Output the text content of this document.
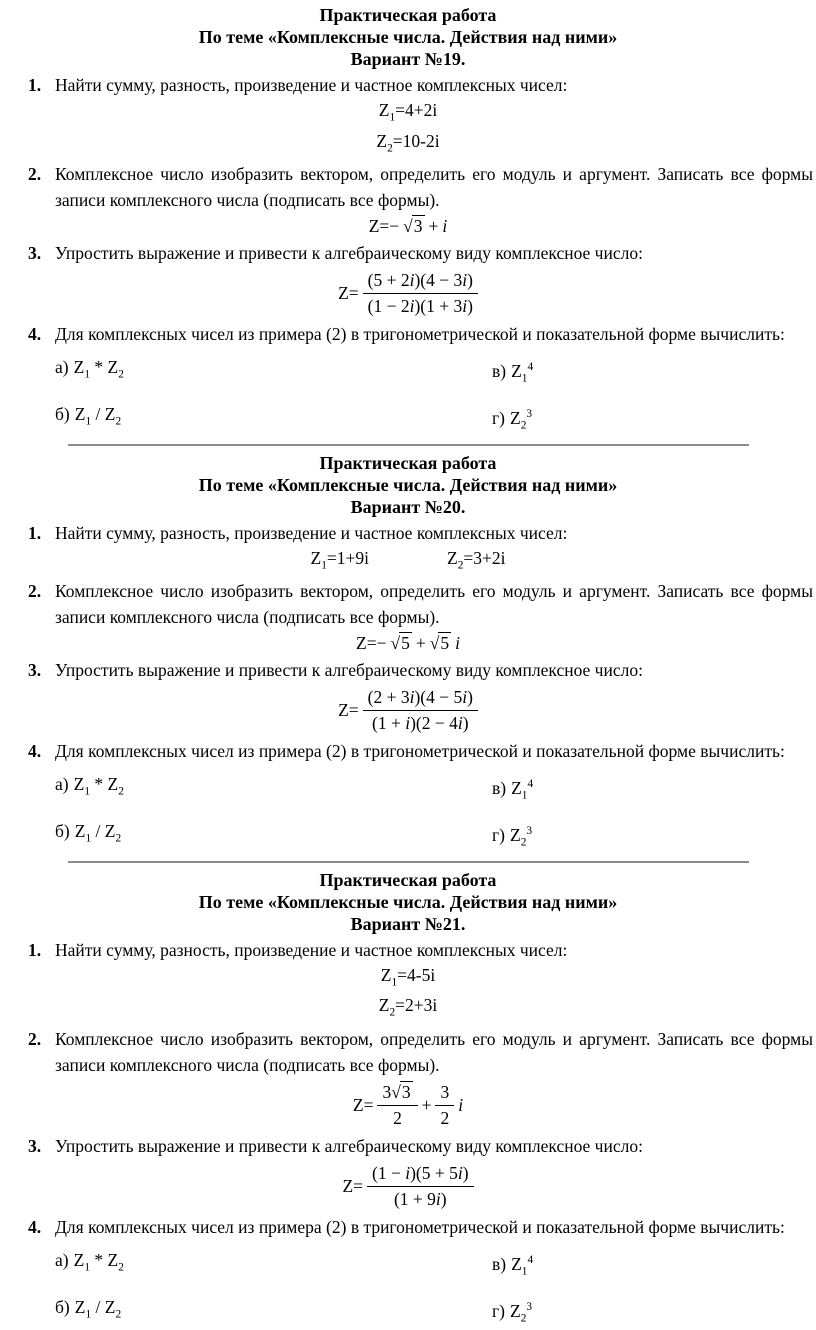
Практическая работа
По теме «Комплексные числа. Действия над ними»
Вариант №19.
1. Найти сумму, разность, произведение и частное комплексных чисел:
$Z_1=4+2i$
$Z_2=10-2i$
2. Комплексное число изобразить вектором, определить его модуль и аргумент. Записать все формы записи комплексного числа (подписать все формы).
Z=− √3 + i
3. Упростить выражение и привести к алгебраическому виду комплексное число:
$Z= \frac{(5 + 2i)(4 - 3i)}{(1 - 2i)(1 + 3i)}$
4. Для комплексных чисел из примера (2) в тригонометрической и показательной форме вычислить:
а) $Z_1 * Z_2$	в) $Z_1^4$
б) $Z_1 / Z_2$	г) $Z_2^3$
Практическая работа
По теме «Комплексные числа. Действия над ними»
Вариант №20.
1. Найти сумму, разность, произведение и частное комплексных чисел:
$Z_1=1+9i$	$Z_2=3+2i$
2. Комплексное число изобразить вектором, определить его модуль и аргумент. Записать все формы записи комплексного числа (подписать все формы).
Z=− √5 + √5 i
3. Упростить выражение и привести к алгебраическому виду комплексное число:
$Z= \frac{(2 + 3i)(4 - 5i)}{(1 + i)(2 - 4i)}$
4. Для комплексных чисел из примера (2) в тригонометрической и показательной форме вычислить:
а) $Z_1 * Z_2$	в) $Z_1^4$
б) $Z_1 / Z_2$	г) $Z_2^3$
Практическая работа
По теме «Комплексные числа. Действия над ними»
Вариант №21.
1. Найти сумму, разность, произведение и частное комплексных чисел:
$Z_1=4-5i$
$Z_2=2+3i$
2. Комплексное число изобразить вектором, определить его модуль и аргумент. Записать все формы записи комплексного числа (подписать все формы).
$Z= \frac{3√3}{2} + \frac{3}{2}$ i
3. Упростить выражение и привести к алгебраическому виду комплексное число:
$Z= \frac{(1 - i)(5 + 5i)}{(1 + 9i)}$
4. Для комплексных чисел из примера (2) в тригонометрической и показательной форме вычислить:
а) $Z_1 * Z_2$	в) $Z_1^4$
б) $Z_1 / Z_2$	г) $Z_2^3$
